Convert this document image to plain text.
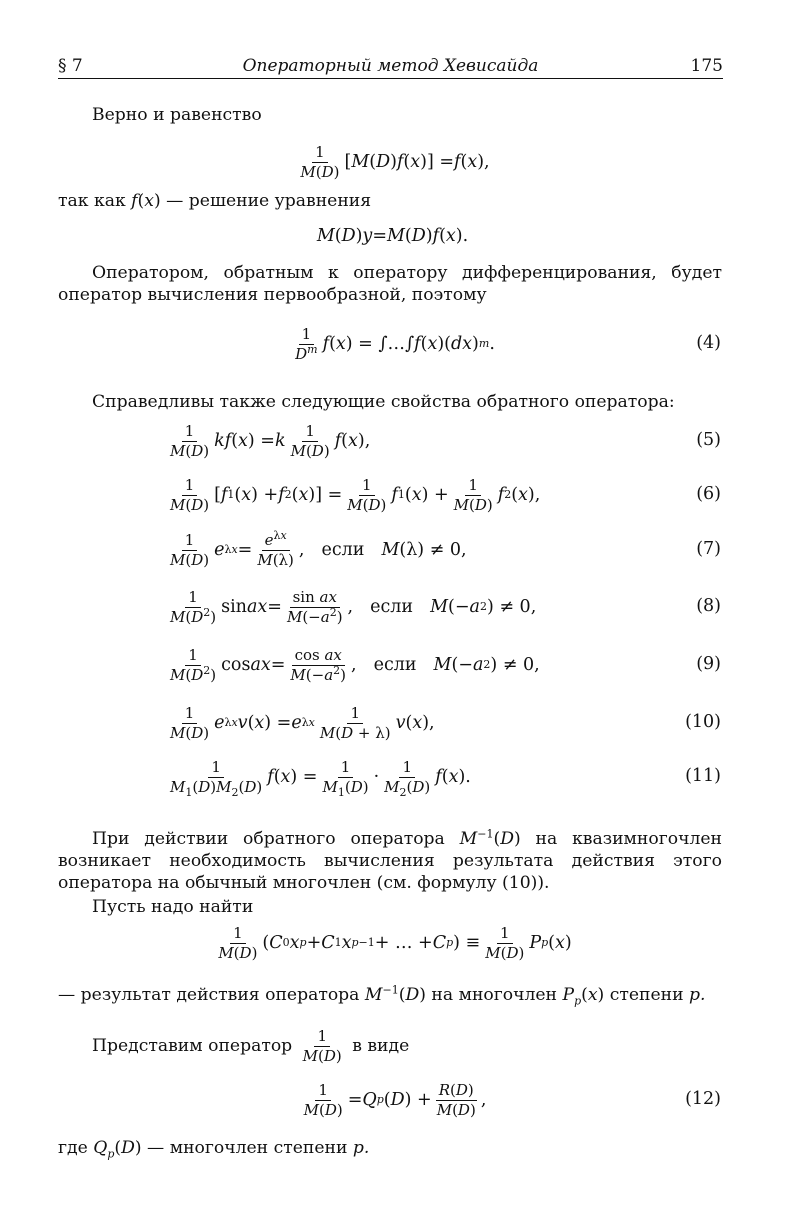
§ 7	Операторный метод Хевисайда	175
Верно и равенство
1
M(D) [ M ( D ) f ( x )] = f ( x ),
так как f(x) — решение уравнения
M ( D ) y = M ( D ) f ( x ).
Оператором, обратным к оператору дифференцирования, будет оператор вычисления первообразной, поэтому
1
$D^m$ f ( x ) = ∫…∫ f ( x )( dx ) m .	(4)
Справедливы также следующие свойства обратного оператора:
1
M(D) kf ( x ) = k
1
M(D) f ( x ),	(5)
1
M(D) [ f 1 ( x ) + f 2 ( x )] =
1
M(D) f 1 ( x ) +
1
M(D) f 2 ( x ),	(6)
1
M(D) e λx =
$e^{\lambda x}$
M(λ) , если M (λ) ≠ 0,	(7)
1
$M(D^2)$ sin ax =
sin ax
$M(-a^2)$ , если M (− a 2 ) ≠ 0,	(8)
1
$M(D^2)$ cos ax =
cos ax
$M(-a^2)$ , если M (− a 2 ) ≠ 0,	(9)
1
M(D) e λx v ( x ) = e λx
1
M(D + λ) v ( x ),	(10)
1
$M_1(D)M_2(D)$ f ( x ) =
1
$M_1(D)$ ·
1
$M_2(D)$ f ( x ).	(11)
При действии обратного оператора $M^{-1}(D)$ на квазимногочлен возникает необходимость вычисления результата действия этого оператора на обычный многочлен (см. формулу (10)).
Пусть надо найти
1
M(D) ( C 0 x p + C 1 x p−1 + … + C p ) ≡
1
M(D) P p ( x )
— результат действия оператора $M^{-1}(D)$ на многочлен $P_p(x)$ степени p.
Представим оператор

1
M(D)
в виде
1
M(D) = Q p ( D ) +
R(D)
M(D) ,	(12)
где $Q_p(D)$ — многочлен степени p.
